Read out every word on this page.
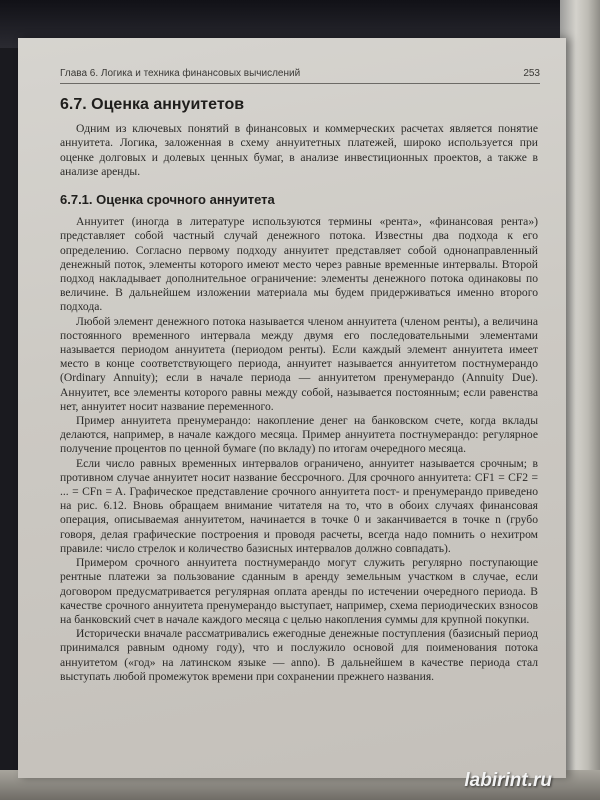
Глава 6. Логика и техника финансовых вычислений	253
6.7. Оценка аннуитетов

Одним из ключевых понятий в финансовых и коммерческих расчетах является понятие аннуитета. Логика, заложенная в схему аннуитетных платежей, широко используется при оценке долговых и долевых ценных бумаг, в анализе инвестиционных проектов, а также в анализе аренды.

6.7.1. Оценка срочного аннуитета

Аннуитет (иногда в литературе используются термины «рента», «финансовая рента») представляет собой частный случай денежного потока. Известны два подхода к его определению. Согласно первому подходу аннуитет представляет собой однонаправленный денежный поток, элементы которого имеют место через равные временные интервалы. Второй подход накладывает дополнительное ограничение: элементы денежного потока одинаковы по величине. В дальнейшем изложении материала мы будем придерживаться именно второго подхода.

Любой элемент денежного потока называется членом аннуитета (членом ренты), а величина постоянного временного интервала между двумя его последовательными элементами называется периодом аннуитета (периодом ренты). Если каждый элемент аннуитета имеет место в конце соответствующего периода, аннуитет называется аннуитетом постнумерандо (Ordinary Annuity); если в начале периода — аннуитетом пренумерандо (Annuity Due). Аннуитет, все элементы которого равны между собой, называется постоянным; если равенства нет, аннуитет носит название переменного.

Пример аннуитета пренумерандо: накопление денег на банковском счете, когда вклады делаются, например, в начале каждого месяца. Пример аннуитета постнумерандо: регулярное получение процентов по ценной бумаге (по вкладу) по итогам очередного месяца.

Если число равных временных интервалов ограничено, аннуитет называется срочным; в противном случае аннуитет носит название бессрочного. Для срочного аннуитета: CF1 = CF2 = ... = CFn = A. Графическое представление срочного аннуитета пост- и пренумерандо приведено на рис. 6.12. Вновь обращаем внимание читателя на то, что в обоих случаях финансовая операция, описываемая аннуитетом, начинается в точке 0 и заканчивается в точке n (грубо говоря, делая графические построения и проводя расчеты, всегда надо помнить о нехитром правиле: число стрелок и количество базисных интервалов должно совпадать).

Примером срочного аннуитета постнумерандо могут служить регулярно поступающие рентные платежи за пользование сданным в аренду земельным участком в случае, если договором предусматривается регулярная оплата аренды по истечении очередного периода. В качестве срочного аннуитета пренумерандо выступает, например, схема периодических взносов на банковский счет в начале каждого месяца с целью накопления суммы для крупной покупки.

Исторически вначале рассматривались ежегодные денежные поступления (базисный период принимался равным одному году), что и послужило основой для поименования потока аннуитетом («год» на латинском языке — anno). В дальнейшем в качестве периода стал выступать любой промежуток времени при сохранении прежнего названия.

labirint.ru
